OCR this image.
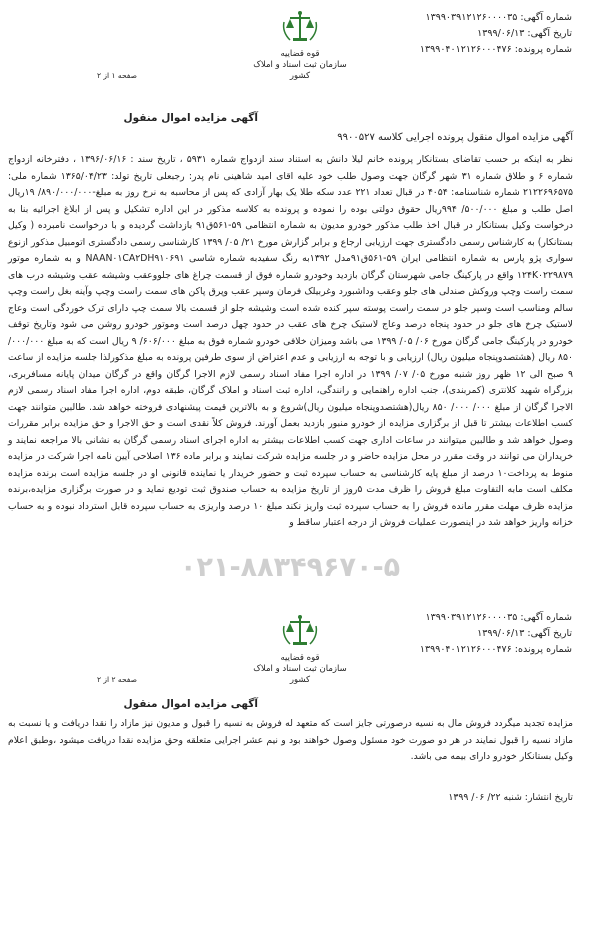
شماره آگهی: ۱۳۹۹۰۳۹۱۲۱۲۶۰۰۰۰۳۵
تاریخ آگهی: ۱۳۹۹/۰۶/۱۳
شماره پرونده: ۱۳۹۹۰۴۰۱۲۱۲۶۰۰۰۴۷۶
قوه قضاییه
سازمان ثبت اسناد و املاک کشور
صفحه ۱ از ۲
آگهی مزایده اموال منقول
آگهی مزایده اموال منقول پرونده اجرایی کلاسه ۹۹۰۰۵۲۷
نظر به اینکه بر حسب تقاضای بستانکار پرونده خانم لیلا دانش به استناد سند ازدواج شماره ۵۹۳۱ ، تاریخ سند : ۱۳۹۶/۰۶/۱۶ ، دفترخانه ازدواج شماره ۶ و طلاق شماره ۳۱ شهر گرگان جهت وصول طلب خود علیه اقای امید شاهینی نام پدر: رجبعلی تاریخ تولد: ۱۳۶۵/۰۴/۲۳ شماره ملی: ۲۱۲۲۶۹۶۵۷۵ شماره شناسنامه: ۴۰۵۴ در قبال تعداد ۲۲۱ عدد سکه طلا یک بهار آزادی که پس از محاسبه به نرخ روز به مبلغ-۸۹۰/۰۰۰/۰۰۰/ ۱۹ریال اصل طلب و مبلغ ۵۰۰/۰۰۰/ ۹۹۴ریال حقوق دولتی بوده را نموده و پرونده به کلاسه مذکور در این اداره تشکیل و پس از ابلاغ اجرائیه بنا به درخواست وکیل بستانکار در قبال اخذ طلب مذکور خودرو مدیون به شماره انتظامی ۵۹-۵۶۱ق۹۱ بازداشت گردیده و با درخواست نامبرده ( وکیل بستانکار) به کارشناس رسمی دادگستری جهت ارزیابی ارجاع و برابر گزارش مورخ ۲۱/ ۰۵/ ۱۳۹۹ کارشناسی رسمی دادگستری اتومبیل مذکور ازنوع سواری پژو پارس به شماره انتظامی ایران ۵۹-۵۶۱ق۹۱مدل ۱۳۹۲به رنگ سفیدبه شماره شاسی NAAN۰۱CA۲DH۹۱۰۶۹۱ و به شماره موتور ۱۲۴K۰۲۲۹۸۷۹ واقع در پارکینگ جامی شهرستان گرگان بازدید وخودرو شماره فوق از قسمت چراغ های جلووعقب وشیشه عقب وشیشه درب های سمت راست وچپ وروکش صندلی های جلو وعقب وداشبورد وغربیلک فرمان وسپر عقب وپرق پاکن های سمت راست وچپ وآینه بغل راست وچپ سالم ومناسب است وسپر جلو در سمت راست پوسته سپر کنده شده است وشیشه جلو از قسمت بالا سمت چپ دارای ترک خوردگی است وعاج لاستیک چرخ های جلو در حدود پنجاه درصد وعاج لاستیک چرخ های عقب در حدود چهل درصد است وموتور خودرو روشن می شود وتاریخ توقف خودرو در پارکینگ جامی گرگان مورخ ۰۶/ ۰۵/ ۱۳۹۹ می باشد ومیزان خلافی خودرو شماره فوق به مبلغ ۶۰۶/۰۰۰/ ۹ ریال است که به مبلغ ۰۰۰/۰۰۰/ ۸۵۰ ریال (هشتصدوپنجاه میلیون ریال) ارزیابی و با توجه به ارزیابی و عدم اعتراض از سوی طرفین پرونده به مبلغ مذکورلذا جلسه مزایده از ساعت ۹ صبح الی ۱۲ ظهر روز شنبه مورخ ۰۵/ ۰۷/ ۱۳۹۹ در اداره اجرا مفاد اسناد رسمی لازم الاجرا گرگان واقع در گرگان میدان پایانه مسافربری، بزرگراه شهید کلانتری (کمربندی)، جنب اداره راهنمایی و رانندگی، اداره ثبت اسناد و املاک گرگان، طبقه دوم، اداره اجرا مفاد اسناد رسمی لازم الاجرا گرگان از مبلغ ۰۰۰/ ۰۰۰/ ۸۵۰ ریال(هشتصدوپنجاه میلیون ریال)شروع و به بالاترین قیمت پیشنهادی فروخته خواهد شد. طالبین متوانند جهت کسب اطلاعات بیشتر تا قبل از برگزاری مزایده از خودرو منبور بازدید بعمل آورند. فروش کلاً نقدی است و حق الاجرا و حق مزایده برابر مقررات وصول خواهد شد و طالبین میتوانند در ساعات اداری جهت کسب اطلاعات بیشتر به اداره اجرای اسناد رسمی گرگان به نشانی بالا مراجعه نمایند و خریداران می توانند در وقت مقرر در محل مزایده حاضر و در جلسه مزایده شرکت نمایند و برابر ماده ۱۳۶ اصلاحی آیین نامه اجرا شرکت در مزایده منوط به پرداخت۱۰ درصد از مبلغ پایه کارشناسی به حساب سپرده ثبت و حضور خریدار یا نماینده قانونی او در جلسه مزایده است برنده مزایده مکلف است مابه التفاوت مبلغ فروش را ظرف مدت ۵روز از تاریخ مزایده به حساب صندوق ثبت تودیع نماید و در صورت برگزاری مزایده،برنده مزایده ظرف مهلت مقرر مانده فروش را به حساب سپرده ثبت واریز نکند مبلغ ۱۰ درصد واریزی به حساب سپرده قابل استرداد نبوده و به حساب خزانه واریز خواهد شد در اینصورت عملیات فروش از درجه اعتبار ساقط و
۰۲۱-۸۸۳۴۹۶۷۰-۵
شماره آگهی: ۱۳۹۹۰۳۹۱۲۱۲۶۰۰۰۰۳۵
تاریخ آگهی: ۱۳۹۹/۰۶/۱۳
شماره پرونده: ۱۳۹۹۰۴۰۱۲۱۲۶۰۰۰۴۷۶
قوه قضاییه
سازمان ثبت اسناد و املاک کشور
صفحه ۲ از ۲
آگهی مزایده اموال منقول
مزایده تجدید میگردد فروش مال به نسیه درصورتی جایز است که متعهد له فروش به نسیه را قبول و مدیون نیز مازاد را نقدا دریافت و یا نسبت به مازاد نسیه را قبول نمایند در هر دو صورت خود مسئول وصول خواهند بود و نیم عشر اجرایی متعلقه وحق مزایده نقدا دریافت میشود ،وطبق اعلام وکیل بستانکار خودرو دارای بیمه می باشد.
تاریخ انتشار: شنبه ۲۲/ ۰۶/ ۱۳۹۹
